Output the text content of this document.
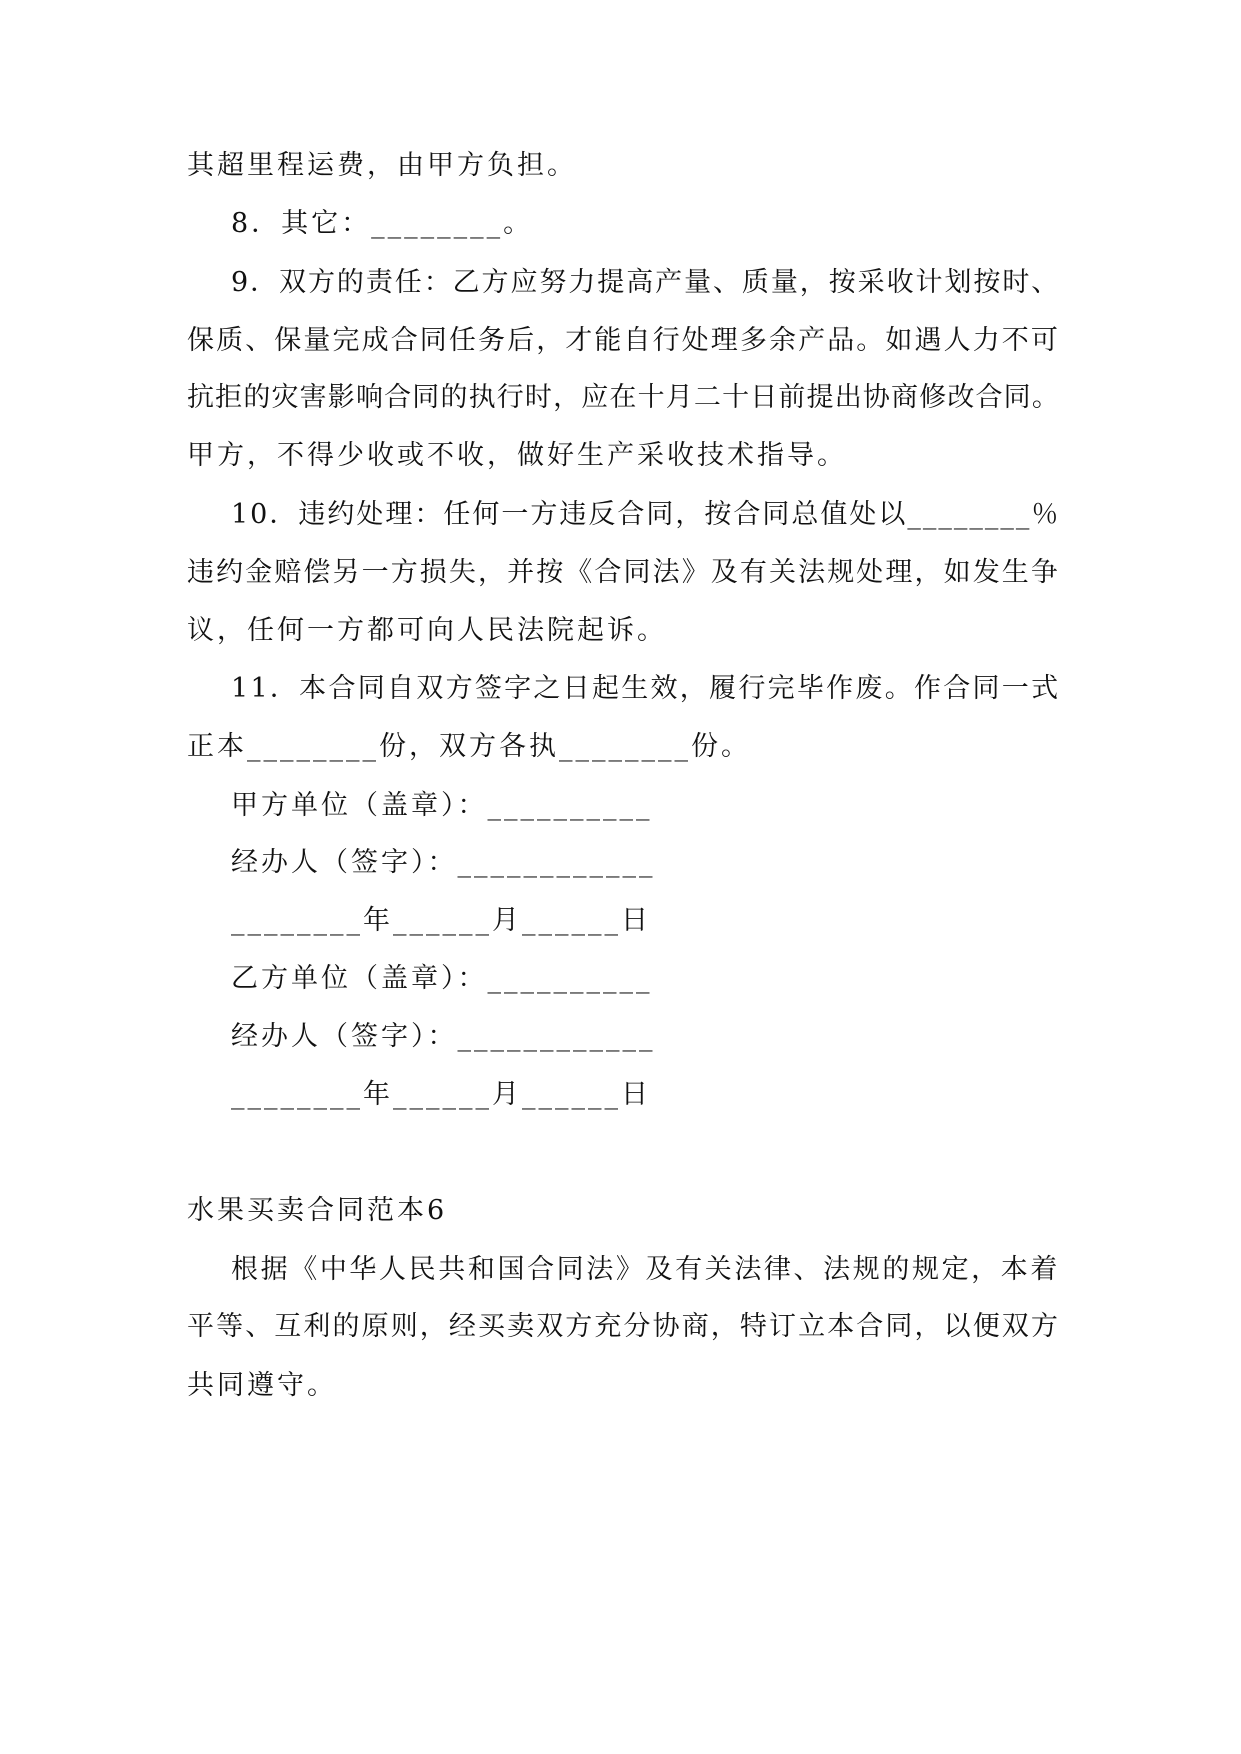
其超里程运费，由甲方负担。
8．其它：________。
9．双方的责任：乙方应努力提高产量、质量，按采收计划按时、
保质、保量完成合同任务后，才能自行处理多余产品。如遇人力不可
抗拒的灾害影响合同的执行时，应在十月二十日前提出协商修改合同。
甲方，不得少收或不收，做好生产采收技术指导。
10．违约处理：任何一方违反合同，按合同总值处以________％
违约金赔偿另一方损失，并按《合同法》及有关法规处理，如发生争
议，任何一方都可向人民法院起诉。
11．本合同自双方签字之日起生效，履行完毕作废。作合同一式
正本________份，双方各执________份。
甲方单位（盖章）：__________
经办人（签字）：____________
________年______月______日
乙方单位（盖章）：__________
经办人（签字）：____________
________年______月______日
水果买卖合同范本6
根据《中华人民共和国合同法》及有关法律、法规的规定，本着
平等、互利的原则，经买卖双方充分协商，特订立本合同，以便双方
共同遵守。
